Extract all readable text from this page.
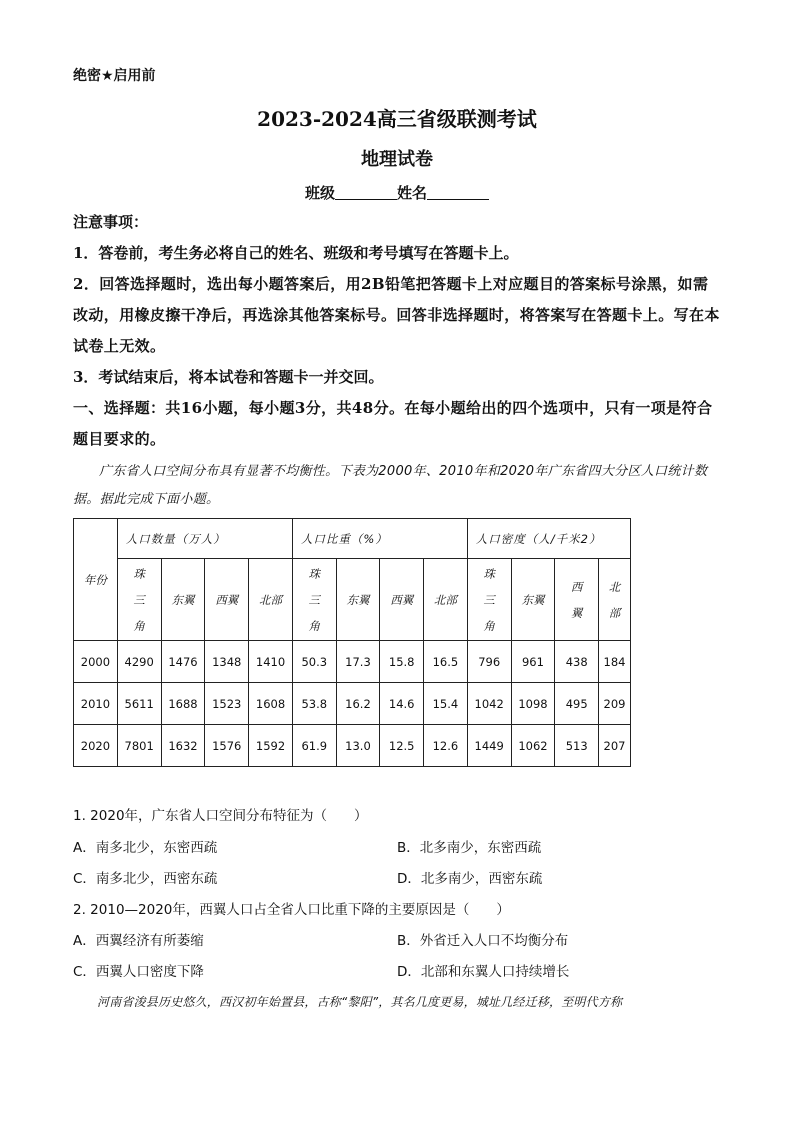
绝密★启用前
2023-2024高三省级联测考试
地理试卷
班级	姓名
注意事项：
1．答卷前，考生务必将自己的姓名、班级和考号填写在答题卡上。
2．回答选择题时，选出每小题答案后，用2B铅笔把答题卡上对应题目的答案标号涂黑，如需改动，用橡皮擦干净后，再选涂其他答案标号。回答非选择题时，将答案写在答题卡上。写在本试卷上无效。
3．考试结束后，将本试卷和答题卡一并交回。
一、选择题：共16小题，每小题3分，共48分。在每小题给出的四个选项中，只有一项是符合题目要求的。
广东省人口空间分布具有显著不均衡性。下表为2000年、2010年和2020年广东省四大分区人口统计数据。据此完成下面小题。
年份	人口数量（万人）				人口比重（%）				人口密度（人/千米2）			
	珠三角	东翼	西翼	北部	珠三角	东翼	西翼	北部	珠三角	东翼	西翼	北部
2000	4290	1476	1348	1410	50.3	17.3	15.8	16.5	796	961	438	184
2010	5611	1688	1523	1608	53.8	16.2	14.6	15.4	1042	1098	495	209
2020	7801	1632	1576	1592	61.9	13.0	12.5	12.6	1449	1062	513	207
1. 2020年，广东省人口空间分布特征为（　　）
A．南多北少，东密西疏	B．北多南少，东密西疏
C．南多北少，西密东疏	D．北多南少，西密东疏
2. 2010—2020年，西翼人口占全省人口比重下降的主要原因是（　　）
A．西翼经济有所萎缩	B．外省迁入人口不均衡分布
C．西翼人口密度下降	D．北部和东翼人口持续增长
河南省浚县历史悠久，西汉初年始置县，古称“黎阳”，其名几度更易，城址几经迁移，至明代方称
